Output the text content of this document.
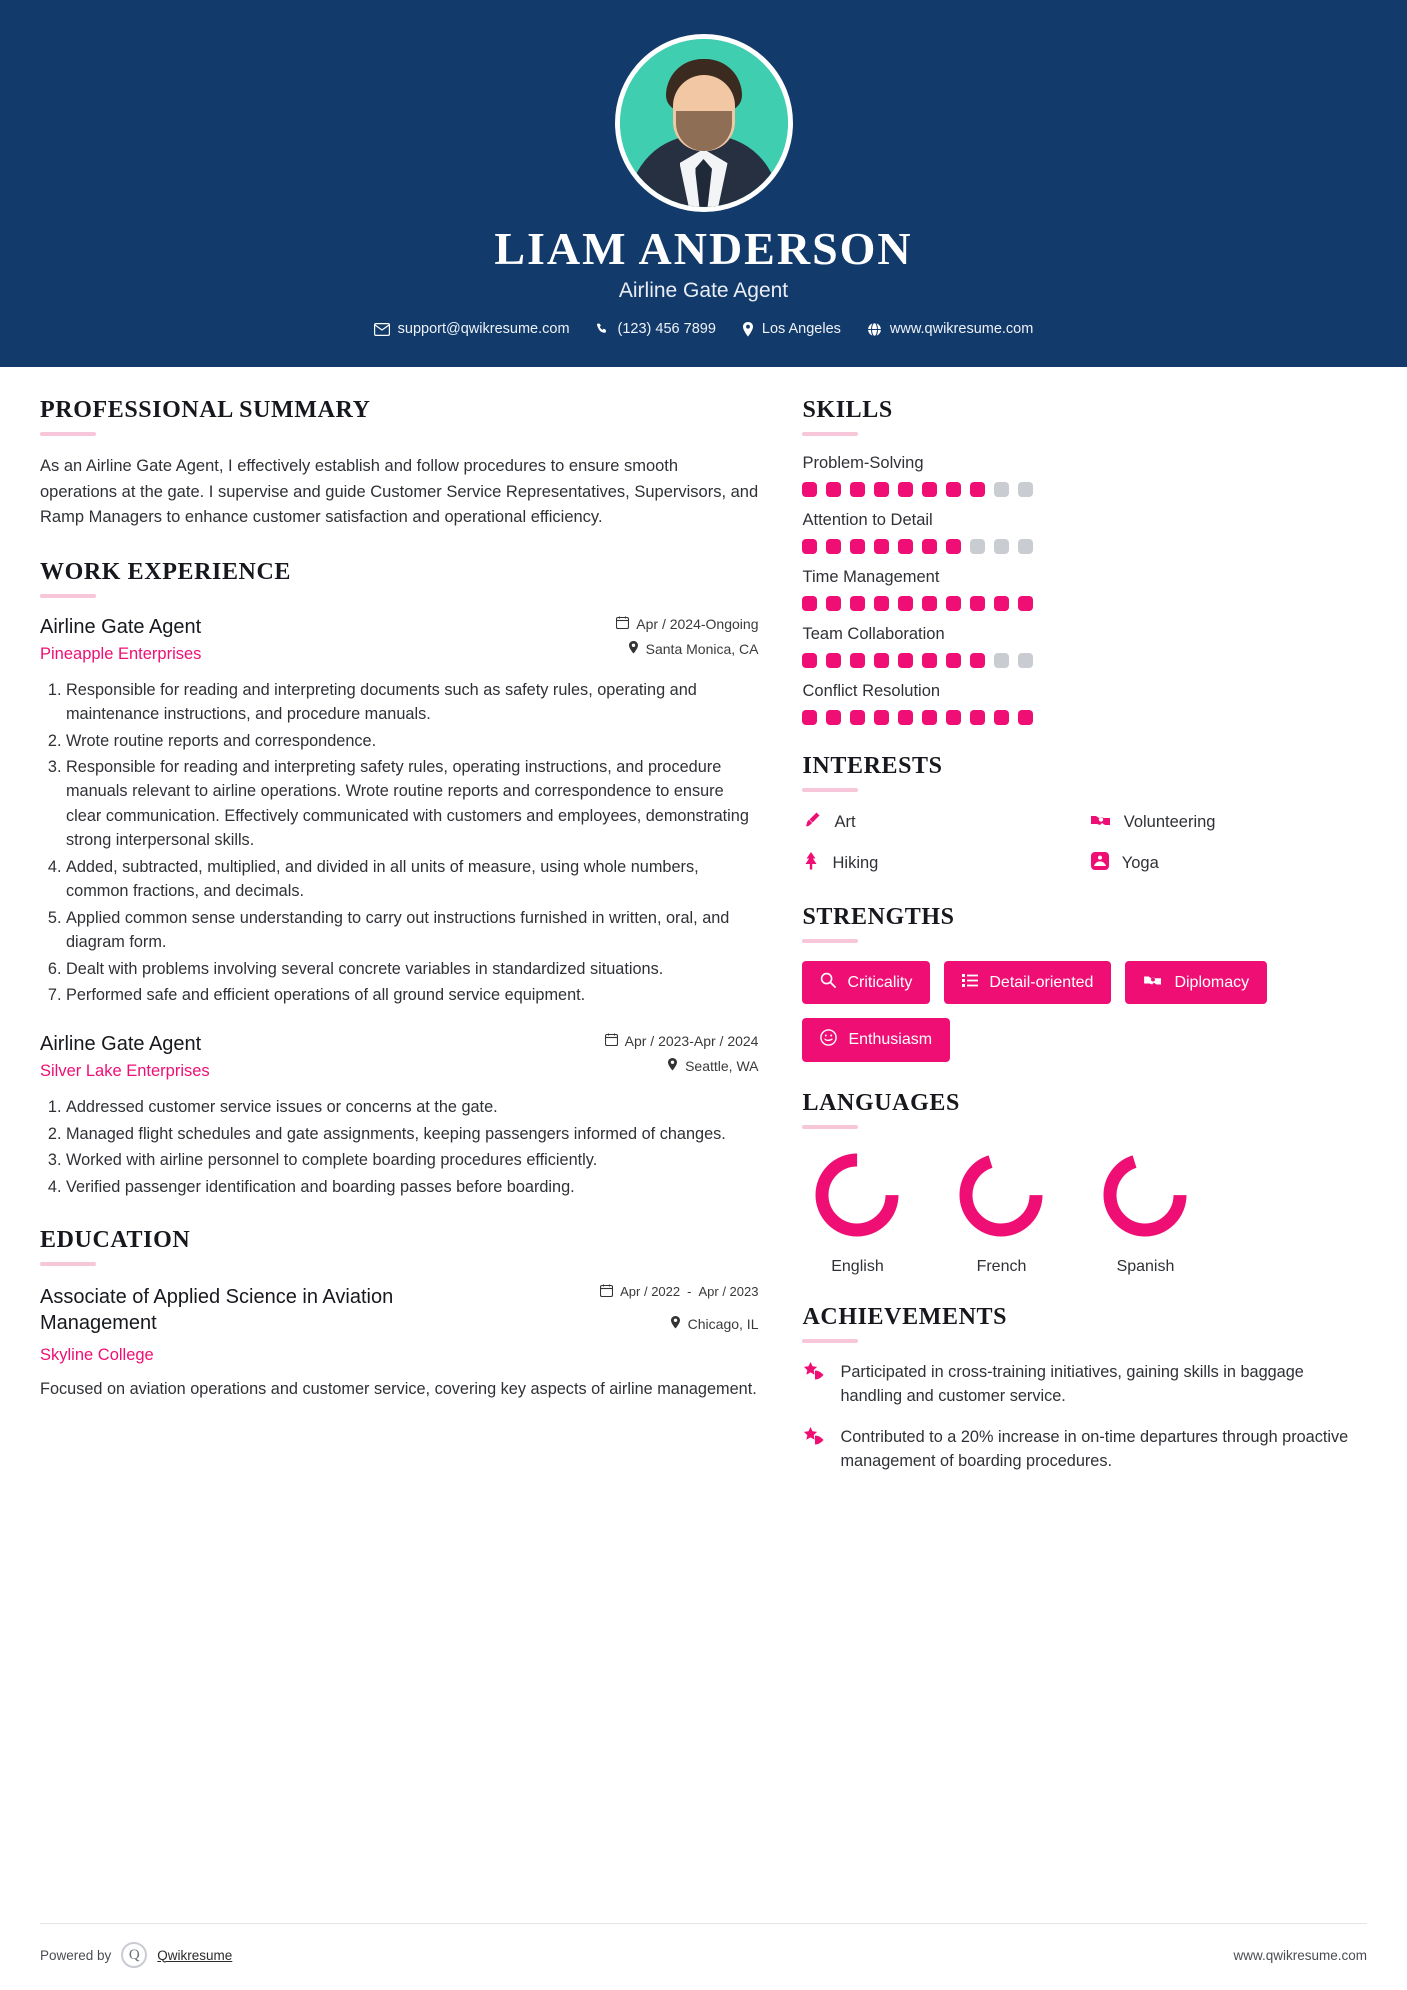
LIAM ANDERSON
Airline Gate Agent
support@qwikresume.com	(123) 456 7899	Los Angeles	www.qwikresume.com
PROFESSIONAL SUMMARY
As an Airline Gate Agent, I effectively establish and follow procedures to ensure smooth operations at the gate. I supervise and guide Customer Service Representatives, Supervisors, and Ramp Managers to enhance customer satisfaction and operational efficiency.
WORK EXPERIENCE
Airline Gate Agent
Pineapple Enterprises
Apr / 2024-Ongoing
Santa Monica, CA
1. Responsible for reading and interpreting documents such as safety rules, operating and maintenance instructions, and procedure manuals.
2. Wrote routine reports and correspondence.
3. Responsible for reading and interpreting safety rules, operating instructions, and procedure manuals relevant to airline operations. Wrote routine reports and correspondence to ensure clear communication. Effectively communicated with customers and employees, demonstrating strong interpersonal skills.
4. Added, subtracted, multiplied, and divided in all units of measure, using whole numbers, common fractions, and decimals.
5. Applied common sense understanding to carry out instructions furnished in written, oral, and diagram form.
6. Dealt with problems involving several concrete variables in standardized situations.
7. Performed safe and efficient operations of all ground service equipment.
Airline Gate Agent
Silver Lake Enterprises
Apr / 2023-Apr / 2024
Seattle, WA
1. Addressed customer service issues or concerns at the gate.
2. Managed flight schedules and gate assignments, keeping passengers informed of changes.
3. Worked with airline personnel to complete boarding procedures efficiently.
4. Verified passenger identification and boarding passes before boarding.
EDUCATION
Associate of Applied Science in Aviation Management
Skyline College
Apr / 2022 - Apr / 2023
Chicago, IL
Focused on aviation operations and customer service, covering key aspects of airline management.
SKILLS
Problem-Solving
Attention to Detail
Time Management
Team Collaboration
Conflict Resolution
INTERESTS
Art	Volunteering
Hiking	Yoga
STRENGTHS
Criticality	Detail-oriented	Diplomacy
Enthusiasm
LANGUAGES
English	French	Spanish
ACHIEVEMENTS
Participated in cross-training initiatives, gaining skills in baggage handling and customer service.
Contributed to a 20% increase in on-time departures through proactive management of boarding procedures.
Powered by	Q	Qwikresume	www.qwikresume.com
